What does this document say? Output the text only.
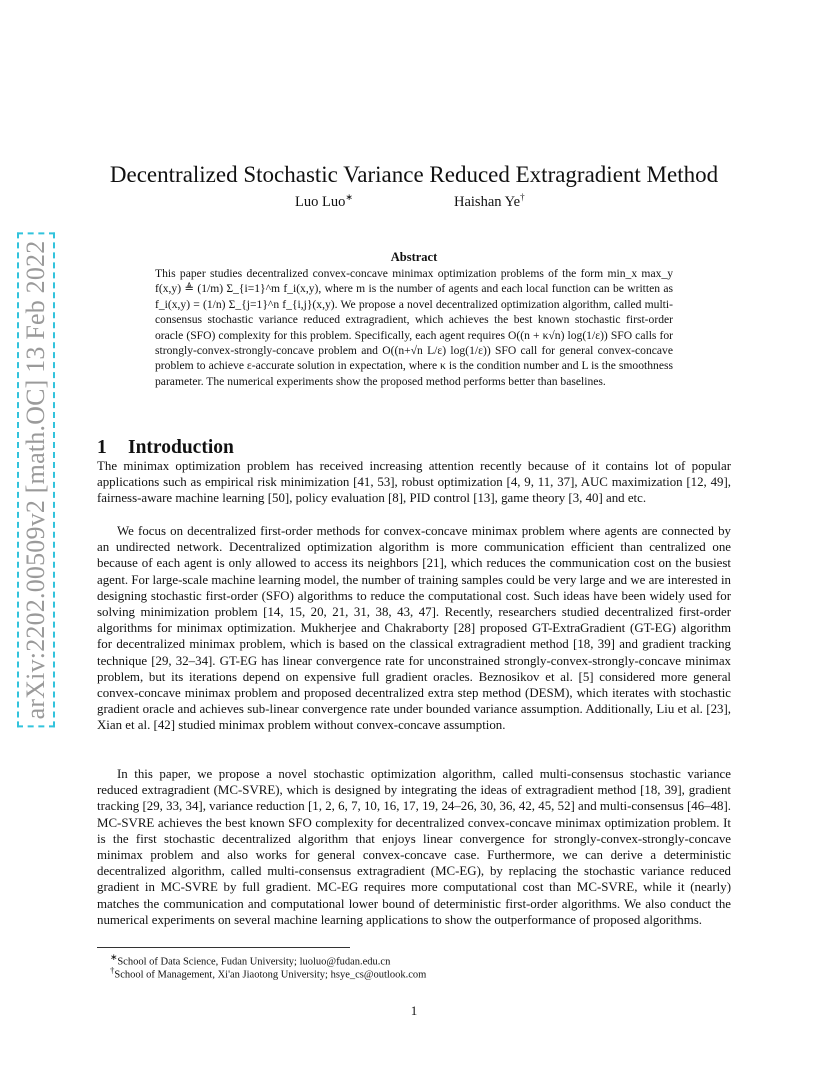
arXiv:2202.00509v2 [math.OC] 13 Feb 2022
Decentralized Stochastic Variance Reduced Extragradient Method
Luo Luo∗	Haishan Ye†
Abstract
This paper studies decentralized convex-concave minimax optimization problems of the form min_x max_y f(x,y) ≜ (1/m) Σ_{i=1}^m f_i(x,y), where m is the number of agents and each local function can be written as f_i(x,y) = (1/n) Σ_{j=1}^n f_{i,j}(x,y). We propose a novel decentralized optimization algorithm, called multi-consensus stochastic variance reduced extragradient, which achieves the best known stochastic first-order oracle (SFO) complexity for this problem. Specifically, each agent requires O((n + κ√n) log(1/ε)) SFO calls for strongly-convex-strongly-concave problem and O((n+√n L/ε) log(1/ε)) SFO call for general convex-concave problem to achieve ε-accurate solution in expectation, where κ is the condition number and L is the smoothness parameter. The numerical experiments show the proposed method performs better than baselines.
1 Introduction

The minimax optimization problem has received increasing attention recently because of it contains lot of popular applications such as empirical risk minimization [41, 53], robust optimization [4, 9, 11, 37], AUC maximization [12, 49], fairness-aware machine learning [50], policy evaluation [8], PID control [13], game theory [3, 40] and etc.

We focus on decentralized first-order methods for convex-concave minimax problem where agents are connected by an undirected network. Decentralized optimization algorithm is more communication efficient than centralized one because of each agent is only allowed to access its neighbors [21], which reduces the communication cost on the busiest agent. For large-scale machine learning model, the number of training samples could be very large and we are interested in designing stochastic first-order (SFO) algorithms to reduce the computational cost. Such ideas have been widely used for solving minimization problem [14, 15, 20, 21, 31, 38, 43, 47]. Recently, researchers studied decentralized first-order algorithms for minimax optimization. Mukherjee and Chakraborty [28] proposed GT-ExtraGradient (GT-EG) algorithm for decentralized minimax problem, which is based on the classical extragradient method [18, 39] and gradient tracking technique [29, 32–34]. GT-EG has linear convergence rate for unconstrained strongly-convex-strongly-concave minimax problem, but its iterations depend on expensive full gradient oracles. Beznosikov et al. [5] considered more general convex-concave minimax problem and proposed decentralized extra step method (DESM), which iterates with stochastic gradient oracle and achieves sub-linear convergence rate under bounded variance assumption. Additionally, Liu et al. [23], Xian et al. [42] studied minimax problem without convex-concave assumption.

In this paper, we propose a novel stochastic optimization algorithm, called multi-consensus stochastic variance reduced extragradient (MC-SVRE), which is designed by integrating the ideas of extragradient method [18, 39], gradient tracking [29, 33, 34], variance reduction [1, 2, 6, 7, 10, 16, 17, 19, 24–26, 30, 36, 42, 45, 52] and multi-consensus [46–48]. MC-SVRE achieves the best known SFO complexity for decentralized convex-concave minimax optimization problem. It is the first stochastic decentralized algorithm that enjoys linear convergence for strongly-convex-strongly-concave minimax problem and also works for general convex-concave case. Furthermore, we can derive a deterministic decentralized algorithm, called multi-consensus extragradient (MC-EG), by replacing the stochastic variance reduced gradient in MC-SVRE by full gradient. MC-EG requires more computational cost than MC-SVRE, while it (nearly) matches the communication and computational lower bound of deterministic first-order algorithms. We also conduct the numerical experiments on several machine learning applications to show the outperformance of proposed algorithms.

∗School of Data Science, Fudan University; luoluo@fudan.edu.cn
†School of Management, Xi'an Jiaotong University; hsye_cs@outlook.com
1
